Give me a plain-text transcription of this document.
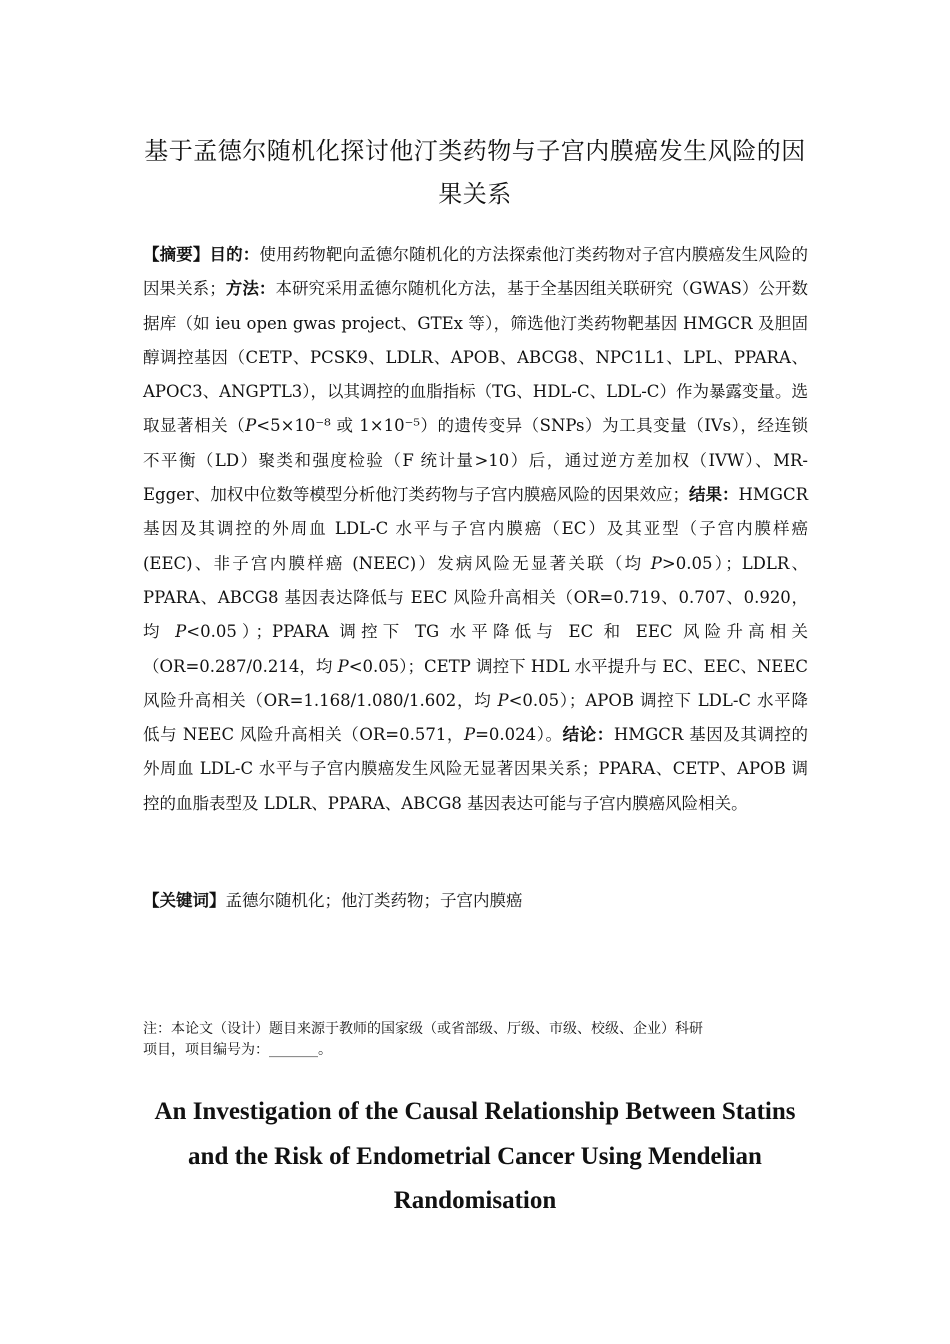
基于孟德尔随机化探讨他汀类药物与子宫内膜癌发生风险的因果关系

【摘要】目的：使用药物靶向孟德尔随机化的方法探索他汀类药物对子宫内膜癌发生风险的因果关系；方法：本研究采用孟德尔随机化方法，基于全基因组关联研究（GWAS）公开数据库（如 ieu open gwas project、GTEx 等），筛选他汀类药物靶基因 HMGCR 及胆固醇调控基因（CETP、PCSK9、LDLR、APOB、ABCG8、NPC1L1、LPL、PPARA、APOC3、ANGPTL3），以其调控的血脂指标（TG、HDL-C、LDL-C）作为暴露变量。选取显著相关（P<5×10⁻⁸ 或 1×10⁻⁵）的遗传变异（SNPs）为工具变量（IVs），经连锁不平衡（LD）聚类和强度检验（F 统计量>10）后，通过逆方差加权（IVW）、MR-Egger、加权中位数等模型分析他汀类药物与子宫内膜癌风险的因果效应；结果：HMGCR 基因及其调控的外周血 LDL-C 水平与子宫内膜癌（EC）及其亚型（子宫内膜样癌 (EEC)、非子宫内膜样癌 (NEEC)）发病风险无显著关联（均 P>0.05）；LDLR、PPARA、ABCG8 基因表达降低与 EEC 风险升高相关（OR=0.719、0.707、0.920，均 P<0.05）；PPARA 调控下 TG 水平降低与 EC 和 EEC 风险升高相关（OR=0.287/0.214，均 P<0.05）；CETP 调控下 HDL 水平提升与 EC、EEC、NEEC 风险升高相关（OR=1.168/1.080/1.602，均 P<0.05）；APOB 调控下 LDL-C 水平降低与 NEEC 风险升高相关（OR=0.571，P=0.024）。结论：HMGCR 基因及其调控的外周血 LDL-C 水平与子宫内膜癌发生风险无显著因果关系；PPARA、CETP、APOB 调控的血脂表型及 LDLR、PPARA、ABCG8 基因表达可能与子宫内膜癌风险相关。

【关键词】孟德尔随机化；他汀类药物；子宫内膜癌

注：本论文（设计）题目来源于教师的国家级（或省部级、厅级、市级、校级、企业）科研
项目，项目编号为：_______。

An Investigation of the Causal Relationship Between Statins and the Risk of Endometrial Cancer Using Mendelian Randomisation
